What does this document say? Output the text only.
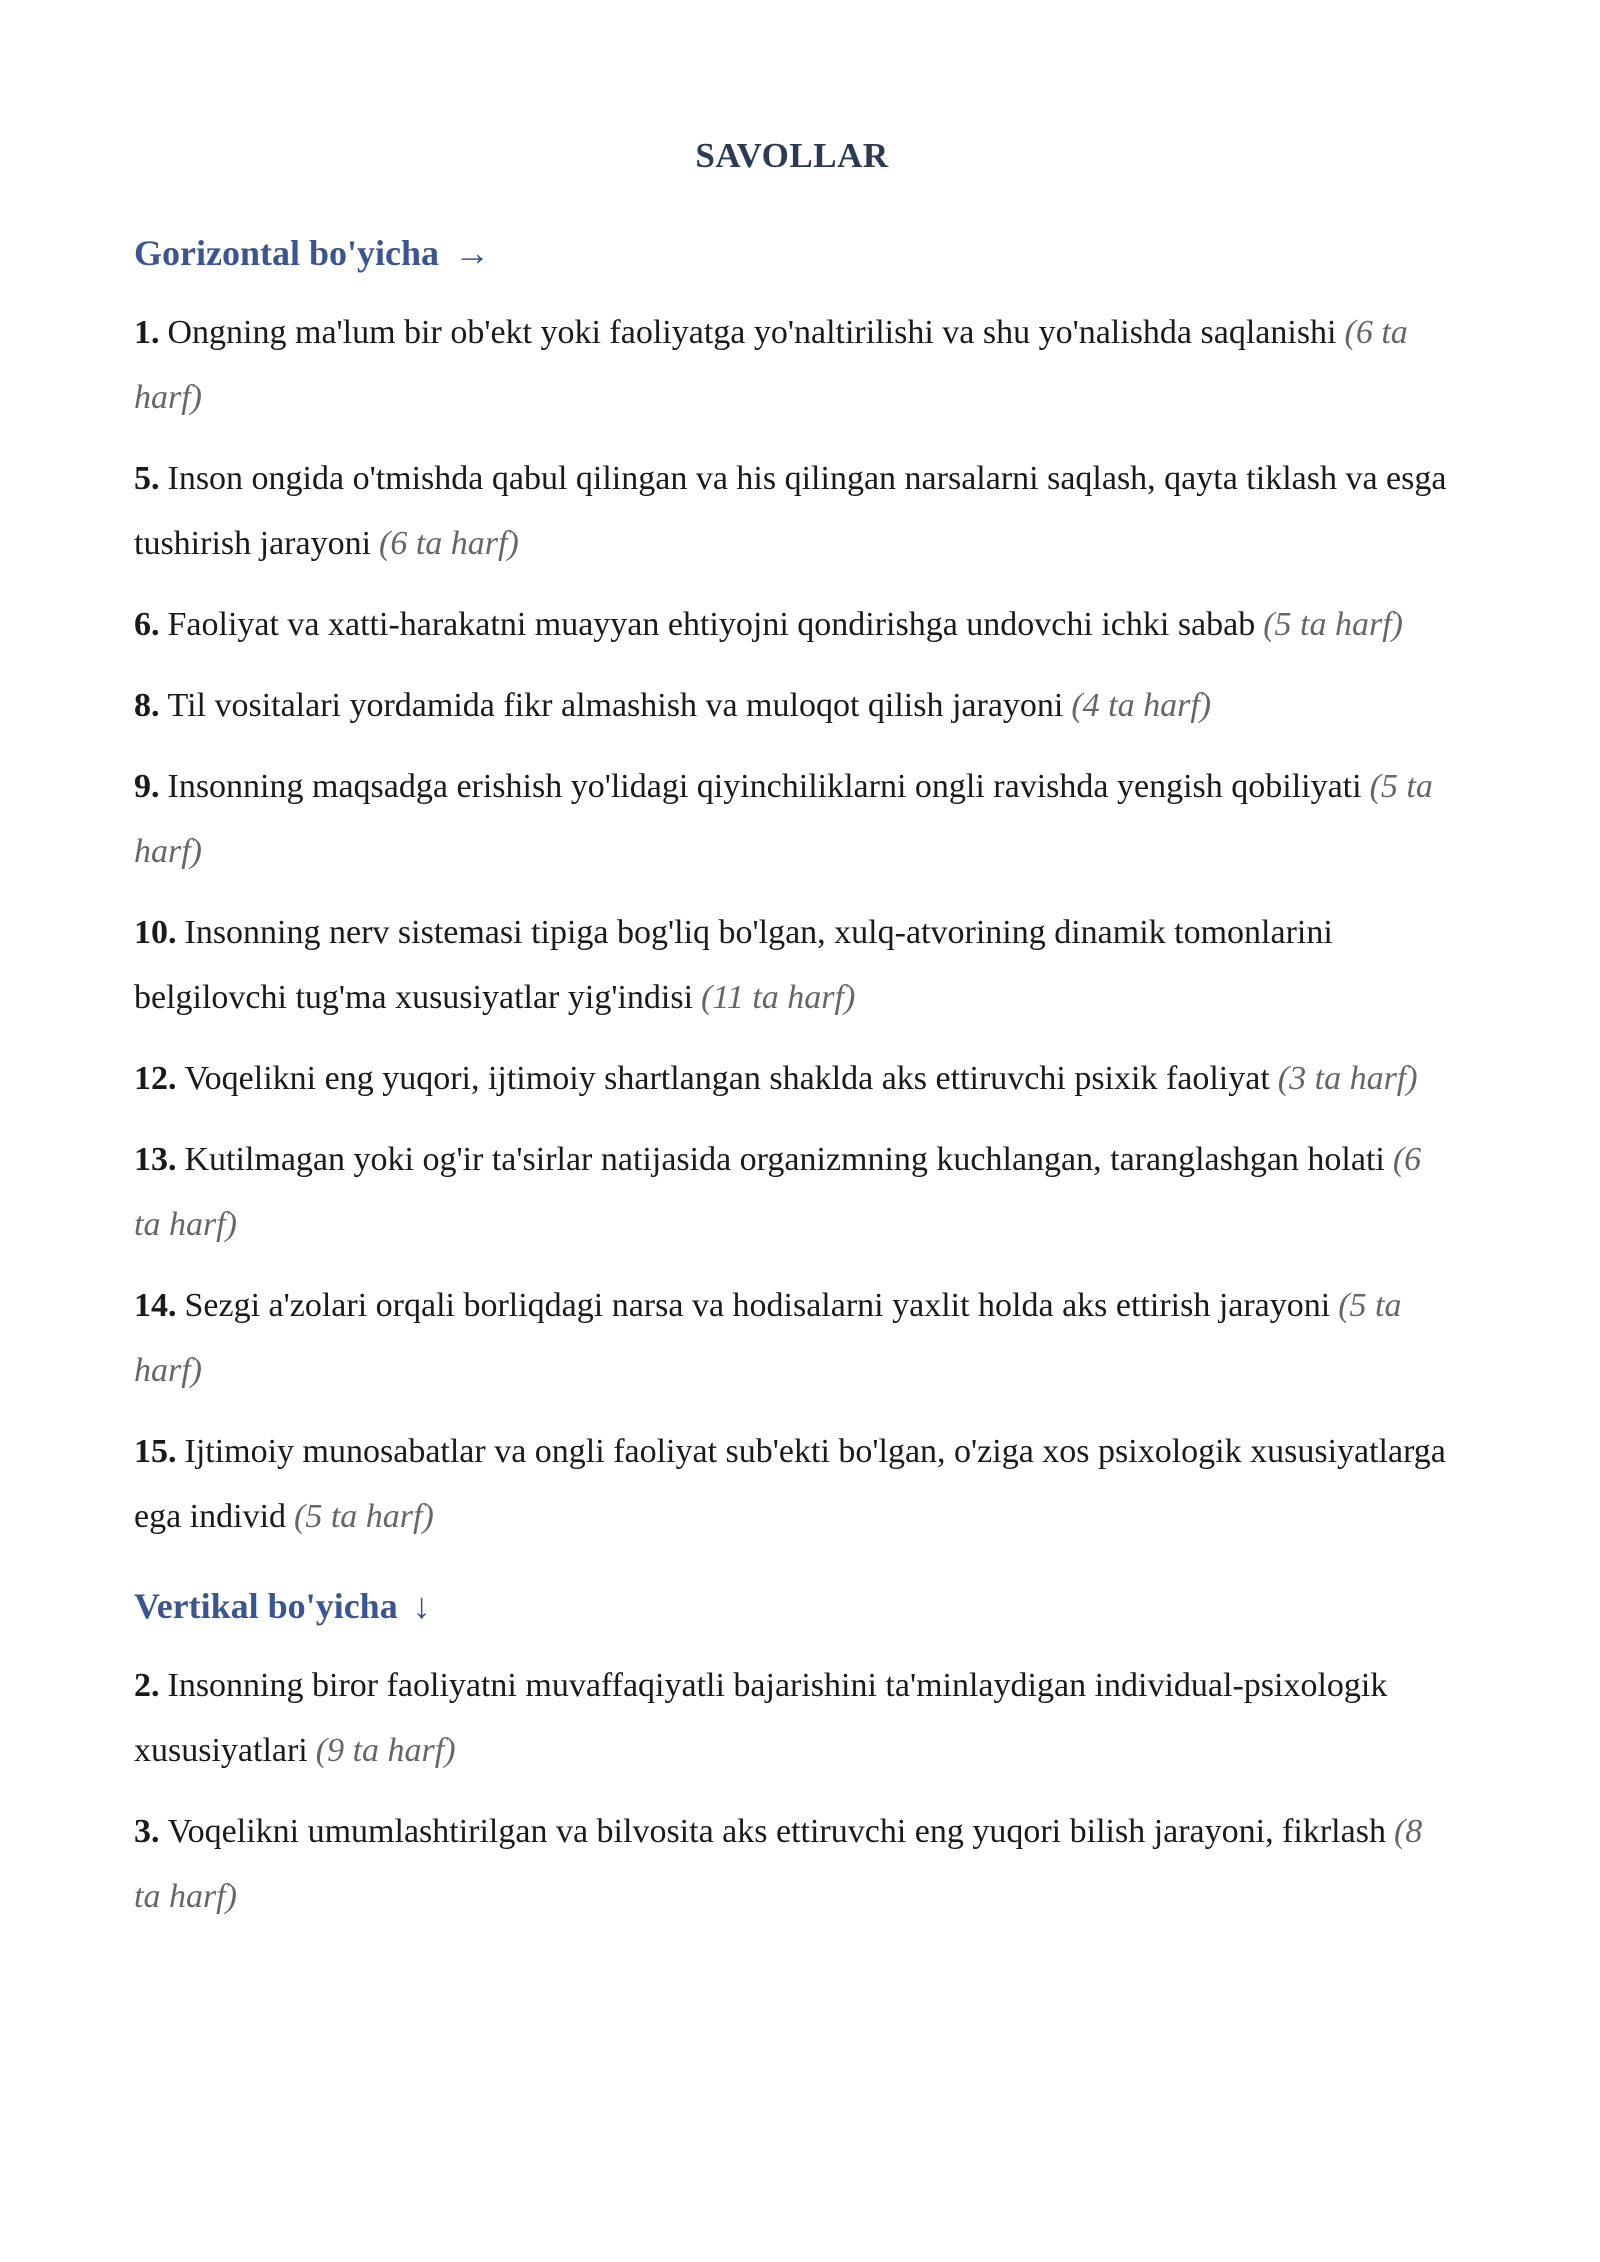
SAVOLLAR
Gorizontal bo'yicha →
1. Ongning ma'lum bir ob'ekt yoki faoliyatga yo'naltirilishi va shu yo'nalishda saqlanishi (6 ta harf)
5. Inson ongida o'tmishda qabul qilingan va his qilingan narsalarni saqlash, qayta tiklash va esga tushirish jarayoni (6 ta harf)
6. Faoliyat va xatti-harakatni muayyan ehtiyojni qondirishga undovchi ichki sabab (5 ta harf)
8. Til vositalari yordamida fikr almashish va muloqot qilish jarayoni (4 ta harf)
9. Insonning maqsadga erishish yo'lidagi qiyinchiliklarni ongli ravishda yengish qobiliyati (5 ta harf)
10. Insonning nerv sistemasi tipiga bog'liq bo'lgan, xulq-atvorining dinamik tomonlarini belgilovchi tug'ma xususiyatlar yig'indisi (11 ta harf)
12. Voqelikni eng yuqori, ijtimoiy shartlangan shaklda aks ettiruvchi psixik faoliyat (3 ta harf)
13. Kutilmagan yoki og'ir ta'sirlar natijasida organizmning kuchlangan, taranglashgan holati (6 ta harf)
14. Sezgi a'zolari orqali borliqdagi narsa va hodisalarni yaxlit holda aks ettirish jarayoni (5 ta harf)
15. Ijtimoiy munosabatlar va ongli faoliyat sub'ekti bo'lgan, o'ziga xos psixologik xususiyatlarga ega individ (5 ta harf)
Vertikal bo'yicha ↓
2. Insonning biror faoliyatni muvaffaqiyatli bajarishini ta'minlaydigan individual-psixologik xususiyatlari (9 ta harf)
3. Voqelikni umumlashtirilgan va bilvosita aks ettiruvchi eng yuqori bilish jarayoni, fikrlash (8 ta harf)
